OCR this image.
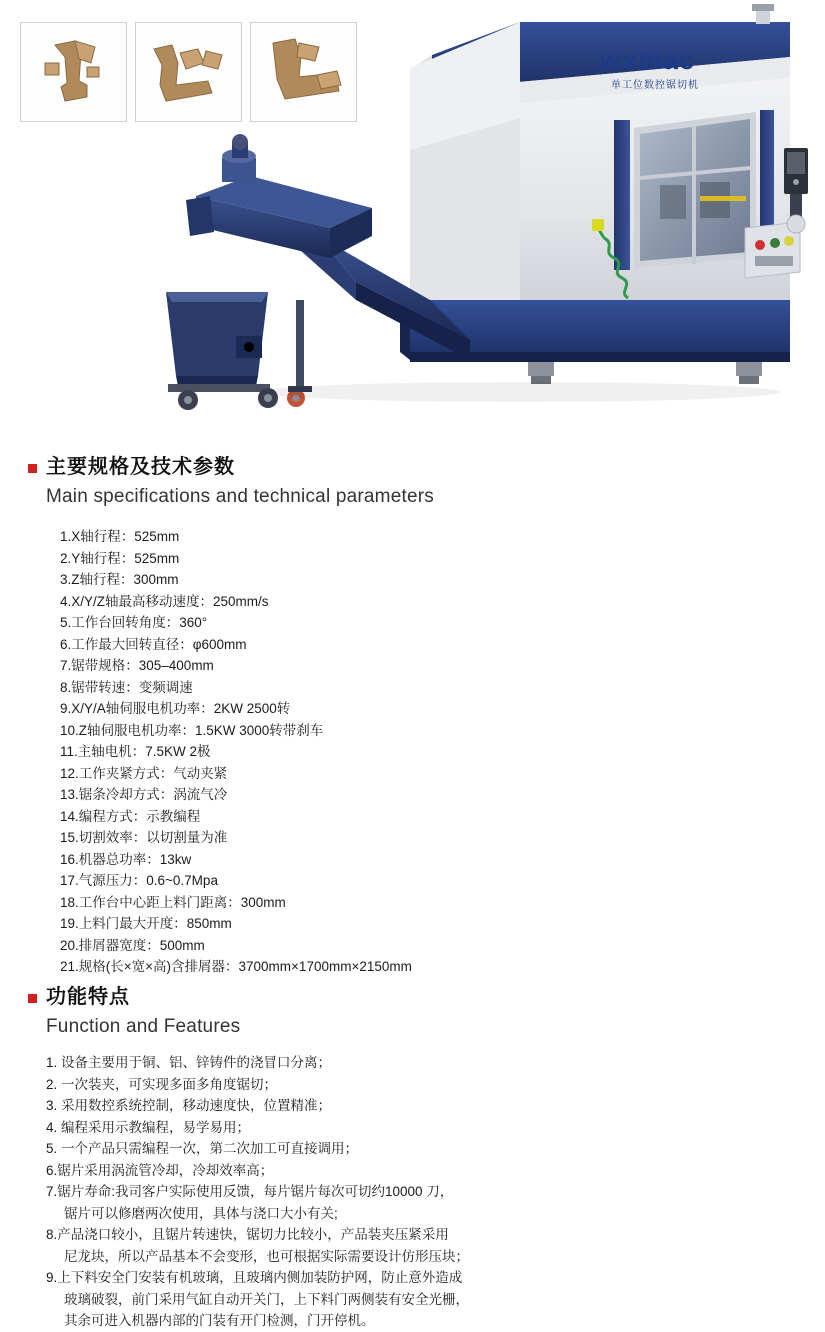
wxmac
单工位数控锯切机
主要规格及技术参数
Main specifications and technical parameters
1.X轴行程：525mm
2.Y轴行程：525mm
3.Z轴行程：300mm
4.X/Y/Z轴最高移动速度：250mm/s
5.工作台回转角度：360°
6.工作最大回转直径：φ600mm
7.锯带规格：305–400mm
8.锯带转速：变频调速
9.X/Y/A轴伺服电机功率：2KW 2500转
10.Z轴伺服电机功率：1.5KW 3000转带刹车
11.主轴电机：7.5KW 2极
12.工作夹紧方式：气动夹紧
13.锯条冷却方式：涡流气冷
14.编程方式：示教编程
15.切割效率：以切割量为准
16.机器总功率：13kw
17.气源压力：0.6~0.7Mpa
18.工作台中心距上料门距离：300mm
19.上料门最大开度：850mm
20.排屑器宽度：500mm
21.规格(长×宽×高)含排屑器：3700mm×1700mm×2150mm
功能特点
Function and Features
1. 设备主要用于铜、铝、锌铸件的浇冒口分离；
2. 一次装夹，可实现多面多角度锯切；
3. 采用数控系统控制，移动速度快，位置精准；
4. 编程采用示教编程，易学易用；
5. 一个产品只需编程一次，第二次加工可直接调用；
6.锯片采用涡流管冷却，冷却效率高；
7.锯片寿命:我司客户实际使用反馈，每片锯片每次可切约10000 刀，
锯片可以修磨两次使用，具体与浇口大小有关;
8.产品浇口较小，且锯片转速快，锯切力比较小，产品装夹压紧采用
尼龙块，所以产品基本不会变形，也可根据实际需要设计仿形压块；
9.上下料安全门安装有机玻璃，且玻璃内侧加装防护网，防止意外造成
玻璃破裂，前门采用气缸自动开关门，上下料门两侧装有安全光栅，
其余可进入机器内部的门装有开门检测，门开停机。
